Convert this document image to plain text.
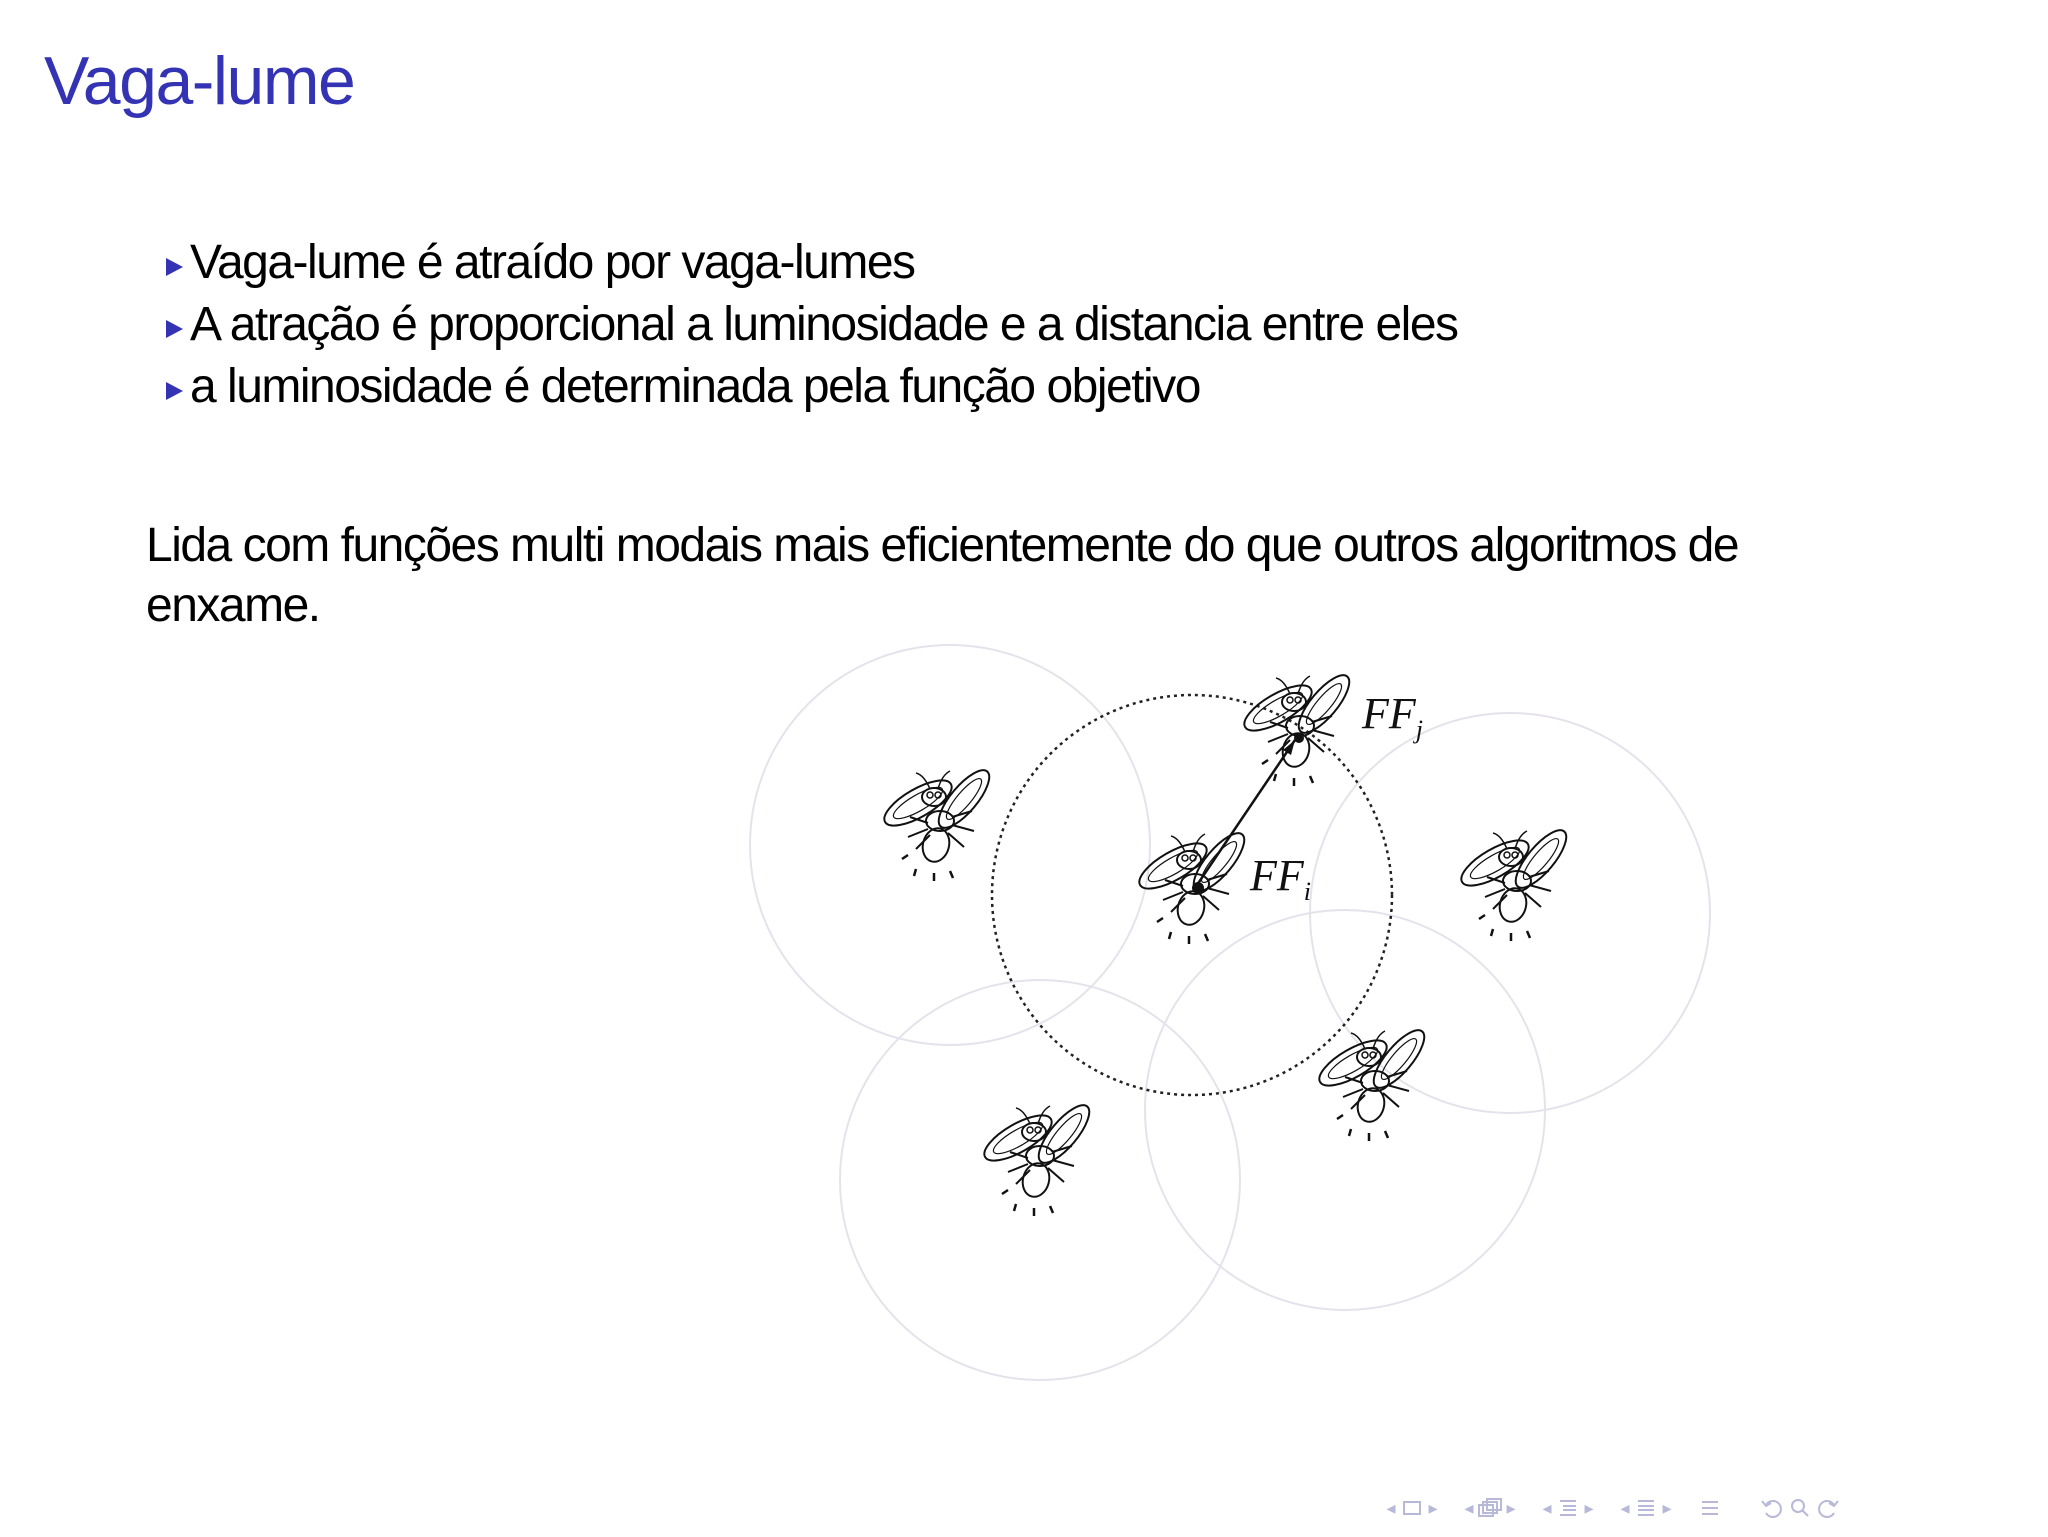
Vaga-lume
Vaga-lume é atraído por vaga-lumes
A atração é proporcional a luminosidade e a distancia entre eles
a luminosidade é determinada pela função objetivo

Lida com funções multi modais mais eficientemente do que outros algoritmos de enxame.

$FF_i$
$FF_j$
◂ ▸ ◂ ▸ ◂ ▸ ◂ ▸
